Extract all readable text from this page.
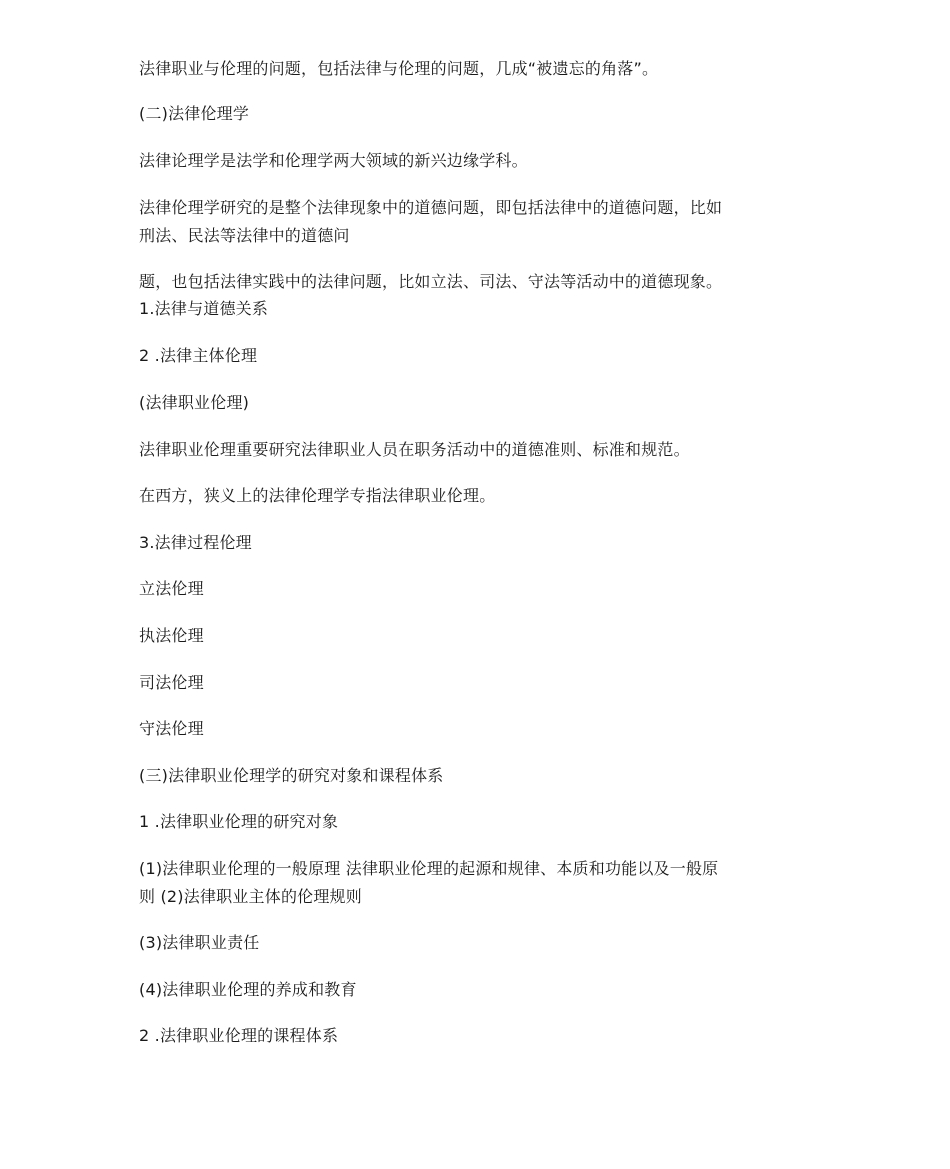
法律职业与伦理的问题，包括法律与伦理的问题，几成“被遗忘的角落”。
(二)法律伦理学
法律论理学是法学和伦理学两大领域的新兴边缘学科。
法律伦理学研究的是整个法律现象中的道德问题，即包括法律中的道德问题，比如
刑法、民法等法律中的道德问
题，也包括法律实践中的法律问题，比如立法、司法、守法等活动中的道德现象。
1.法律与道德关系
2 .法律主体伦理
(法律职业伦理)
法律职业伦理重要研究法律职业人员在职务活动中的道德准则、标准和规范。
在西方，狭义上的法律伦理学专指法律职业伦理。
3.法律过程伦理
立法伦理
执法伦理
司法伦理
守法伦理
(三)法律职业伦理学的研究对象和课程体系
1 .法律职业伦理的研究对象
(1)法律职业伦理的一般原理 法律职业伦理的起源和规律、本质和功能以及一般原
则 (2)法律职业主体的伦理规则
(3)法律职业责任
(4)法律职业伦理的养成和教育
2 .法律职业伦理的课程体系
